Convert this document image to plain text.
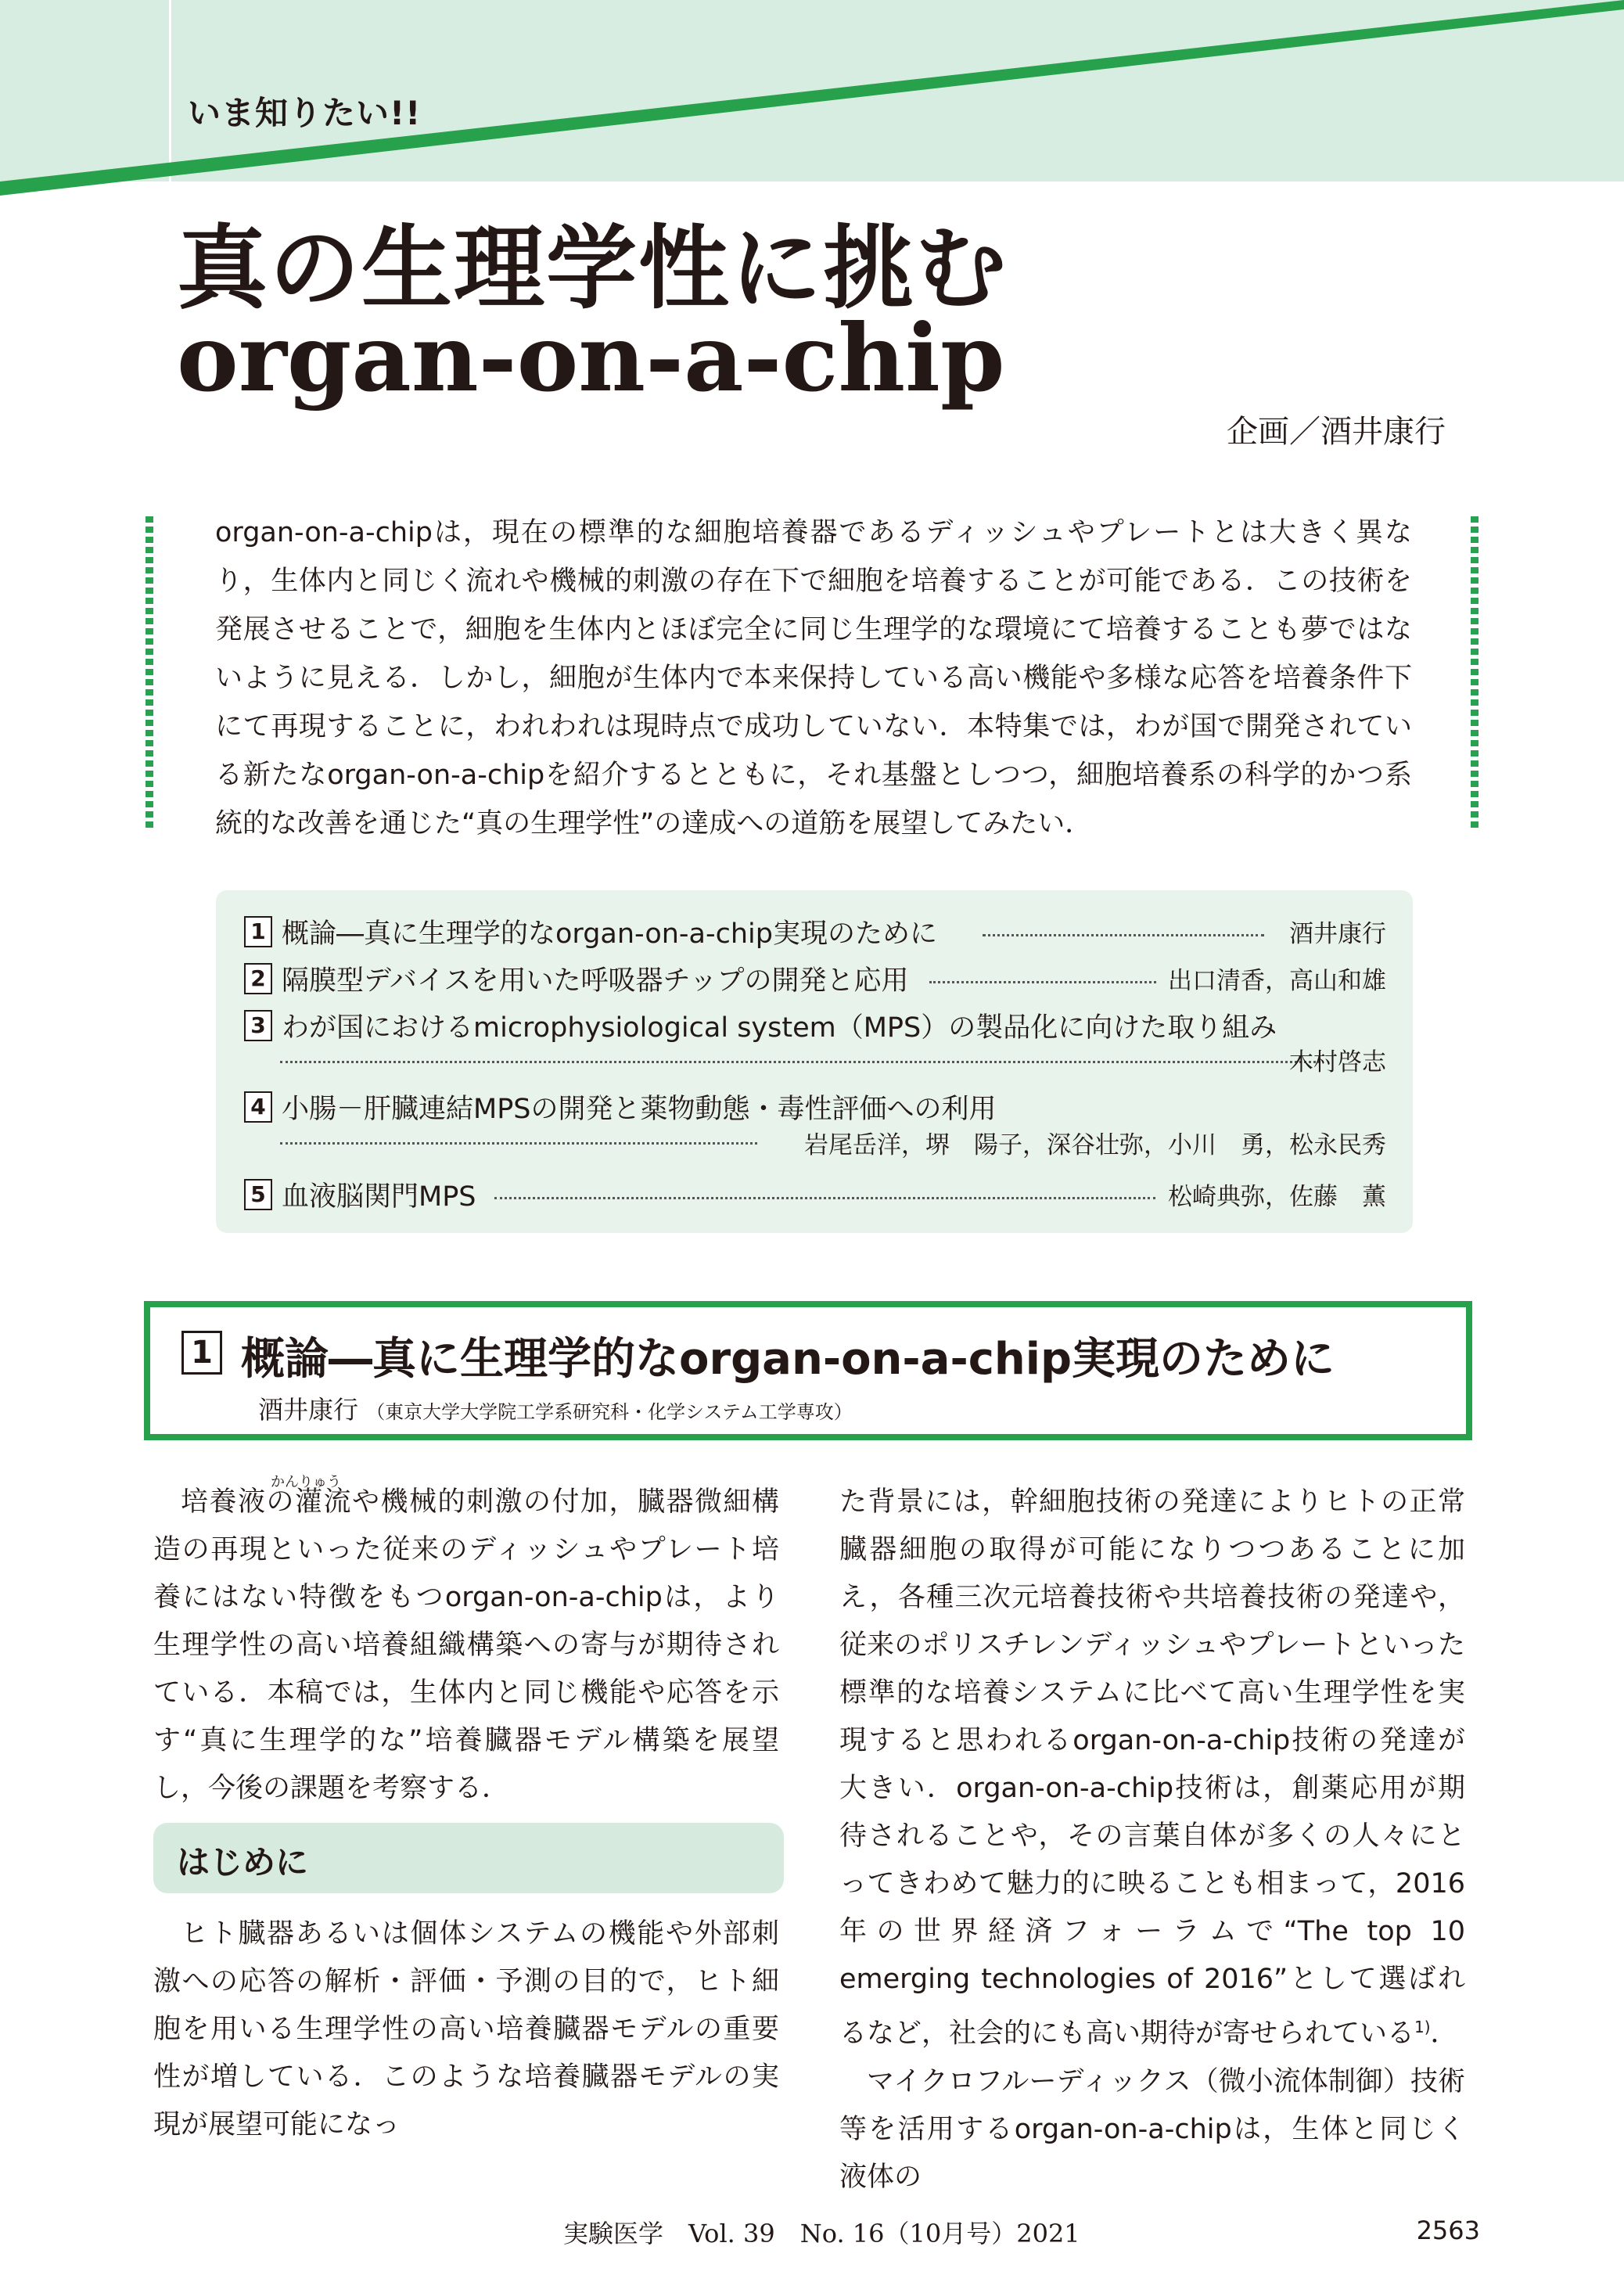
いま知りたい!!
真の生理学性に挑む
organ-on-a-chip
企画／酒井康行
organ-on-a-chipは，現在の標準的な細胞培養器であるディッシュやプレートとは大きく異なり，生体内と同じく流れや機械的刺激の存在下で細胞を培養することが可能である．この技術を発展させることで，細胞を生体内とほぼ完全に同じ生理学的な環境にて培養することも夢ではないように見える．しかし，細胞が生体内で本来保持している高い機能や多様な応答を培養条件下にて再現することに，われわれは現時点で成功していない．本特集では，わが国で開発されている新たなorgan-on-a-chipを紹介するとともに，それ基盤としつつ，細胞培養系の科学的かつ系統的な改善を通じた“真の生理学性”の達成への道筋を展望してみたい．
1 概論―真に生理学的なorgan-on-a-chip実現のために	酒井康行
2 隔膜型デバイスを用いた呼吸器チップの開発と応用	出口清香，高山和雄
3 わが国におけるmicrophysiological system（MPS）の製品化に向けた取り組み
木村啓志
4 小腸－肝臓連結MPSの開発と薬物動態・毒性評価への利用
岩尾岳洋，堺　陽子，深谷壮弥，小川　勇，松永民秀
5 血液脳関門MPS	松崎典弥，佐藤　薫
1 概論―真に生理学的なorgan-on-a-chip実現のために
酒井康行 （東京大学大学院工学系研究科・化学システム工学専攻）
かんりゅう

培養液の灌流や機械的刺激の付加，臓器微細構造の再現といった従来のディッシュやプレート培養にはない特徴をもつorgan-on-a-chipは，より生理学性の高い培養組織構築への寄与が期待されている．本稿では，生体内と同じ機能や応答を示す“真に生理学的な”培養臓器モデル構築を展望し，今後の課題を考察する．

はじめに

ヒト臓器あるいは個体システムの機能や外部刺激への応答の解析・評価・予測の目的で，ヒト細胞を用いる生理学性の高い培養臓器モデルの重要性が増している．このような培養臓器モデルの実現が展望可能になっ

た背景には，幹細胞技術の発達によりヒトの正常臓器細胞の取得が可能になりつつあることに加え，各種三次元培養技術や共培養技術の発達や，従来のポリスチレンディッシュやプレートといった標準的な培養システムに比べて高い生理学性を実現すると思われるorgan-on-a-chip技術の発達が大きい．organ-on-a-chip技術は，創薬応用が期待されることや，その言葉自体が多くの人々にとってきわめて魅力的に映ることも相まって，2016年の世界経済フォーラムで“The top 10 emerging technologies of 2016”として選ばれるなど，社会的にも高い期待が寄せられている$^{1)}$．

マイクロフルーディックス（微小流体制御）技術等を活用するorgan-on-a-chipは，生体と同じく液体の

実験医学　Vol. 39　No. 16（10月号）2021	2563
